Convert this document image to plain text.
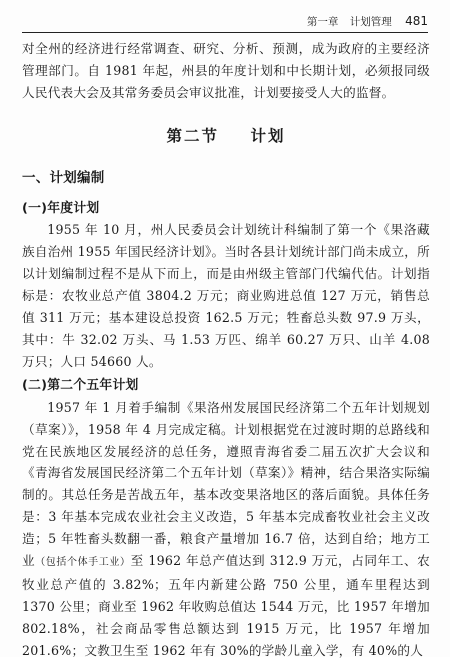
第一章 计划管理 481

对全州的经济进行经常调查、研究、分析、预测，成为政府的主要经济管理部门。自 1981 年起，州县的年度计划和中长期计划，必须报同级人民代表大会及其常务委员会审议批准，计划要接受人大的监督。

第二节 计划
一、计划编制
(一)年度计划

1955 年 10 月，州人民委员会计划统计科编制了第一个《果洛藏族自治州 1955 年国民经济计划》。当时各县计划统计部门尚未成立，所以计划编制过程不是从下而上，而是由州级主管部门代编代估。计划指标是：农牧业总产值 3804.2 万元；商业购进总值 127 万元，销售总值 311 万元；基本建设总投资 162.5 万元；牲畜总头数 97.9 万头，其中：牛 32.02 万头、马 1.53 万匹、绵羊 60.27 万只、山羊 4.08 万只；人口 54660 人。

(二)第二个五年计划

1957 年 1 月着手编制《果洛州发展国民经济第二个五年计划规划（草案）》，1958 年 4 月完成定稿。计划根据党在过渡时期的总路线和党在民族地区发展经济的总任务，遵照青海省委二届五次扩大会议和《青海省发展国民经济第二个五年计划（草案）》精神，结合果洛实际编制的。其总任务是苦战五年，基本改变果洛地区的落后面貌。具体任务是：3 年基本完成农业社会主义改造，5 年基本完成畜牧业社会主义改造；5 年牲畜头数翻一番，粮食产量增加 16.7 倍，达到自给；地方工业（包括个体手工业）至 1962 年总产值达到 312.9 万元，占同年工、农牧业总产值的 3.82%；五年内新建公路 750 公里，通车里程达到 1370 公里；商业至 1962 年收购总值达 1544 万元，比 1957 年增加 802.18%，社会商品零售总额达到 1915 万元，比 1957 年增加 201.6%；文教卫生至 1962 年有 30%的学龄儿童入学，有 40%的人
